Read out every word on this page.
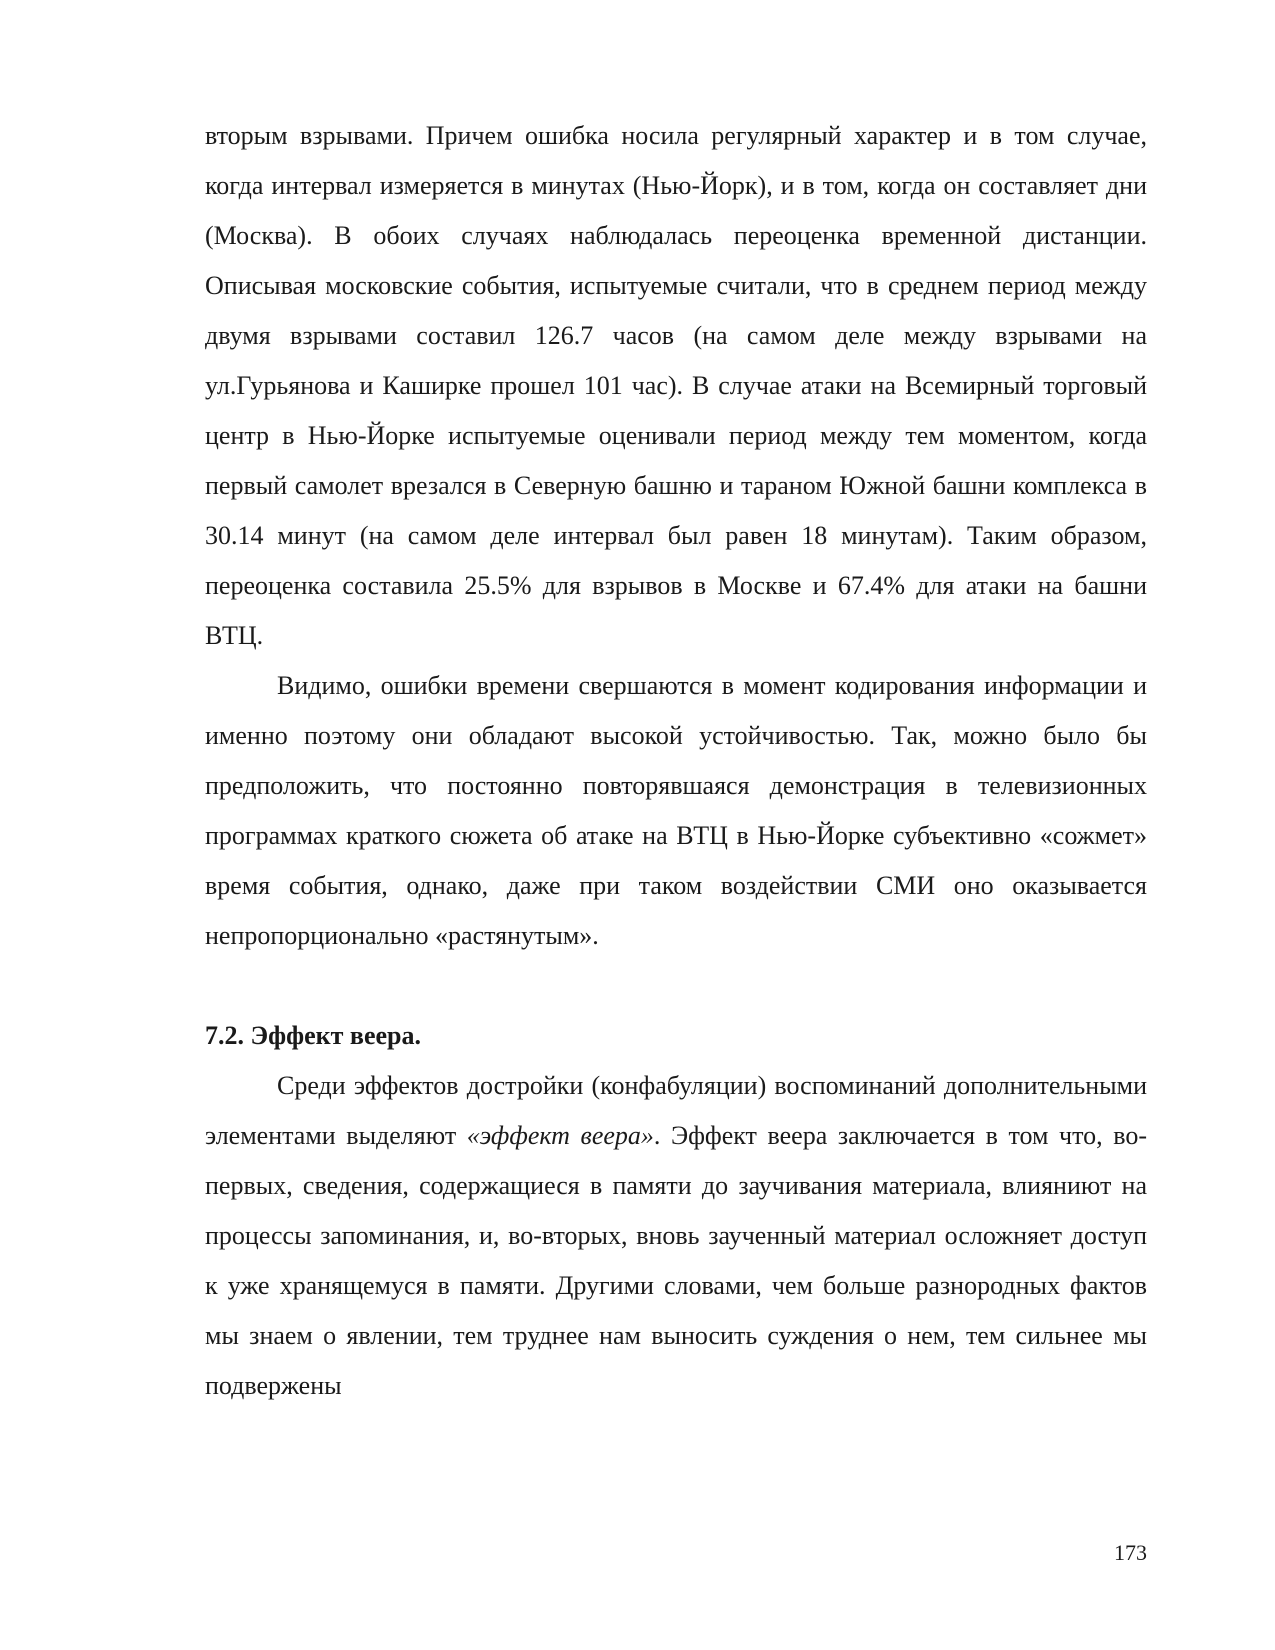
вторым взрывами. Причем ошибка носила регулярный характер и в том случае, когда интервал измеряется в минутах (Нью-Йорк), и в том, когда он составляет дни (Москва). В обоих случаях наблюдалась переоценка временной дистанции. Описывая московские события, испытуемые считали, что в среднем период между двумя взрывами составил 126.7 часов (на самом деле между взрывами на ул.Гурьянова и Каширке прошел 101 час). В случае атаки на Всемирный торговый центр в Нью-Йорке испытуемые оценивали период между тем моментом, когда первый самолет врезался в Северную башню и тараном Южной башни комплекса в 30.14 минут (на самом деле интервал был равен 18 минутам). Таким образом, переоценка составила 25.5% для взрывов в Москве и 67.4% для атаки на башни ВТЦ.

Видимо, ошибки времени свершаются в момент кодирования информации и именно поэтому они обладают высокой устойчивостью. Так, можно было бы предположить, что постоянно повторявшаяся демонстрация в телевизионных программах краткого сюжета об атаке на ВТЦ в Нью-Йорке субъективно «сожмет» время события, однако, даже при таком воздействии СМИ оно оказывается непропорционально «растянутым».

7.2. Эффект веера.

Среди эффектов достройки (конфабуляции) воспоминаний дополнительными элементами выделяют «эффект веера». Эффект веера заключается в том что, во-первых, сведения, содержащиеся в памяти до заучивания материала, влияниют на процессы запоминания, и, во-вторых, вновь заученный материал осложняет доступ к уже хранящемуся в памяти. Другими словами, чем больше разнородных фактов мы знаем о явлении, тем труднее нам выносить суждения о нем, тем сильнее мы подвержены

173
